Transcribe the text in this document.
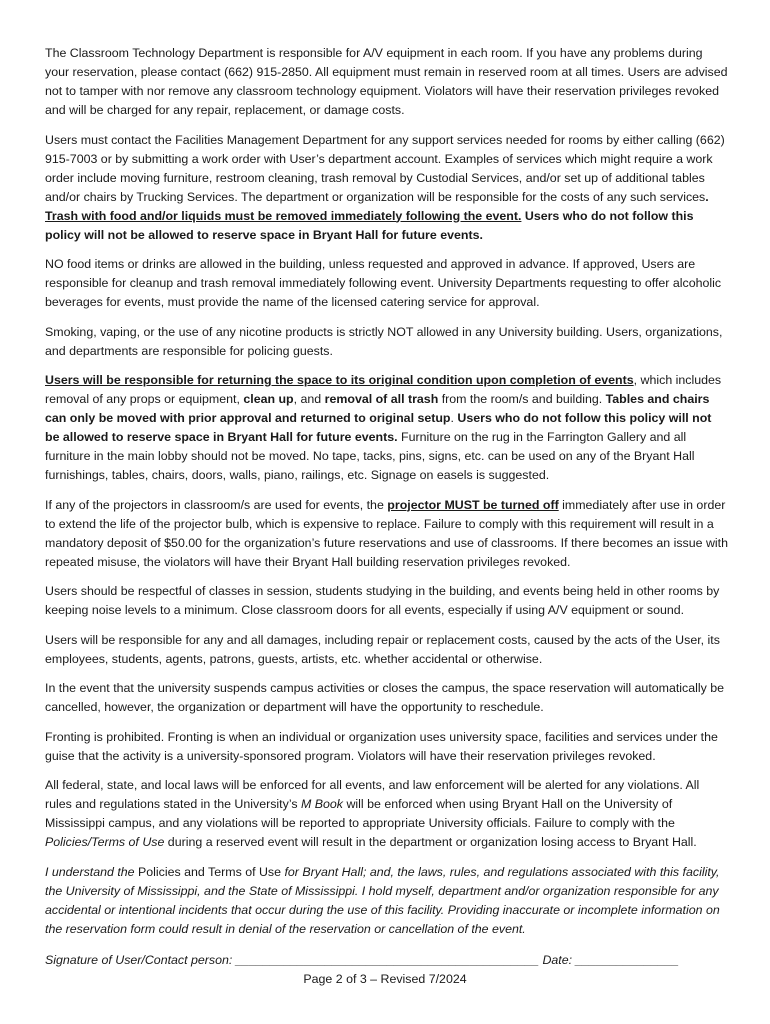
The Classroom Technology Department is responsible for A/V equipment in each room. If you have any problems during your reservation, please contact (662) 915-2850. All equipment must remain in reserved room at all times. Users are advised not to tamper with nor remove any classroom technology equipment. Violators will have their reservation privileges revoked and will be charged for any repair, replacement, or damage costs.

Users must contact the Facilities Management Department for any support services needed for rooms by either calling (662) 915-7003 or by submitting a work order with User’s department account. Examples of services which might require a work order include moving furniture, restroom cleaning, trash removal by Custodial Services, and/or set up of additional tables and/or chairs by Trucking Services. The department or organization will be responsible for the costs of any such services. Trash with food and/or liquids must be removed immediately following the event. Users who do not follow this policy will not be allowed to reserve space in Bryant Hall for future events.

NO food items or drinks are allowed in the building, unless requested and approved in advance. If approved, Users are responsible for cleanup and trash removal immediately following event. University Departments requesting to offer alcoholic beverages for events, must provide the name of the licensed catering service for approval.

Smoking, vaping, or the use of any nicotine products is strictly NOT allowed in any University building. Users, organizations, and departments are responsible for policing guests.

Users will be responsible for returning the space to its original condition upon completion of events, which includes removal of any props or equipment, clean up, and removal of all trash from the room/s and building. Tables and chairs can only be moved with prior approval and returned to original setup. Users who do not follow this policy will not be allowed to reserve space in Bryant Hall for future events. Furniture on the rug in the Farrington Gallery and all furniture in the main lobby should not be moved. No tape, tacks, pins, signs, etc. can be used on any of the Bryant Hall furnishings, tables, chairs, doors, walls, piano, railings, etc. Signage on easels is suggested.

If any of the projectors in classroom/s are used for events, the projector MUST be turned off immediately after use in order to extend the life of the projector bulb, which is expensive to replace. Failure to comply with this requirement will result in a mandatory deposit of $50.00 for the organization’s future reservations and use of classrooms. If there becomes an issue with repeated misuse, the violators will have their Bryant Hall building reservation privileges revoked.

Users should be respectful of classes in session, students studying in the building, and events being held in other rooms by keeping noise levels to a minimum. Close classroom doors for all events, especially if using A/V equipment or sound.

Users will be responsible for any and all damages, including repair or replacement costs, caused by the acts of the User, its employees, students, agents, patrons, guests, artists, etc. whether accidental or otherwise.

In the event that the university suspends campus activities or closes the campus, the space reservation will automatically be cancelled, however, the organization or department will have the opportunity to reschedule.

Fronting is prohibited. Fronting is when an individual or organization uses university space, facilities and services under the guise that the activity is a university-sponsored program. Violators will have their reservation privileges revoked.

All federal, state, and local laws will be enforced for all events, and law enforcement will be alerted for any violations. All rules and regulations stated in the University’s M Book will be enforced when using Bryant Hall on the University of Mississippi campus, and any violations will be reported to appropriate University officials. Failure to comply with the Policies/Terms of Use during a reserved event will result in the department or organization losing access to Bryant Hall.

I understand the Policies and Terms of Use for Bryant Hall; and, the laws, rules, and regulations associated with this facility, the University of Mississippi, and the State of Mississippi. I hold myself, department and/or organization responsible for any accidental or intentional incidents that occur during the use of this facility. Providing inaccurate or incomplete information on the reservation form could result in denial of the reservation or cancellation of the event.

Signature of User/Contact person: ____________________________________________ Date: _______________
Page 2 of 3 – Revised 7/2024
